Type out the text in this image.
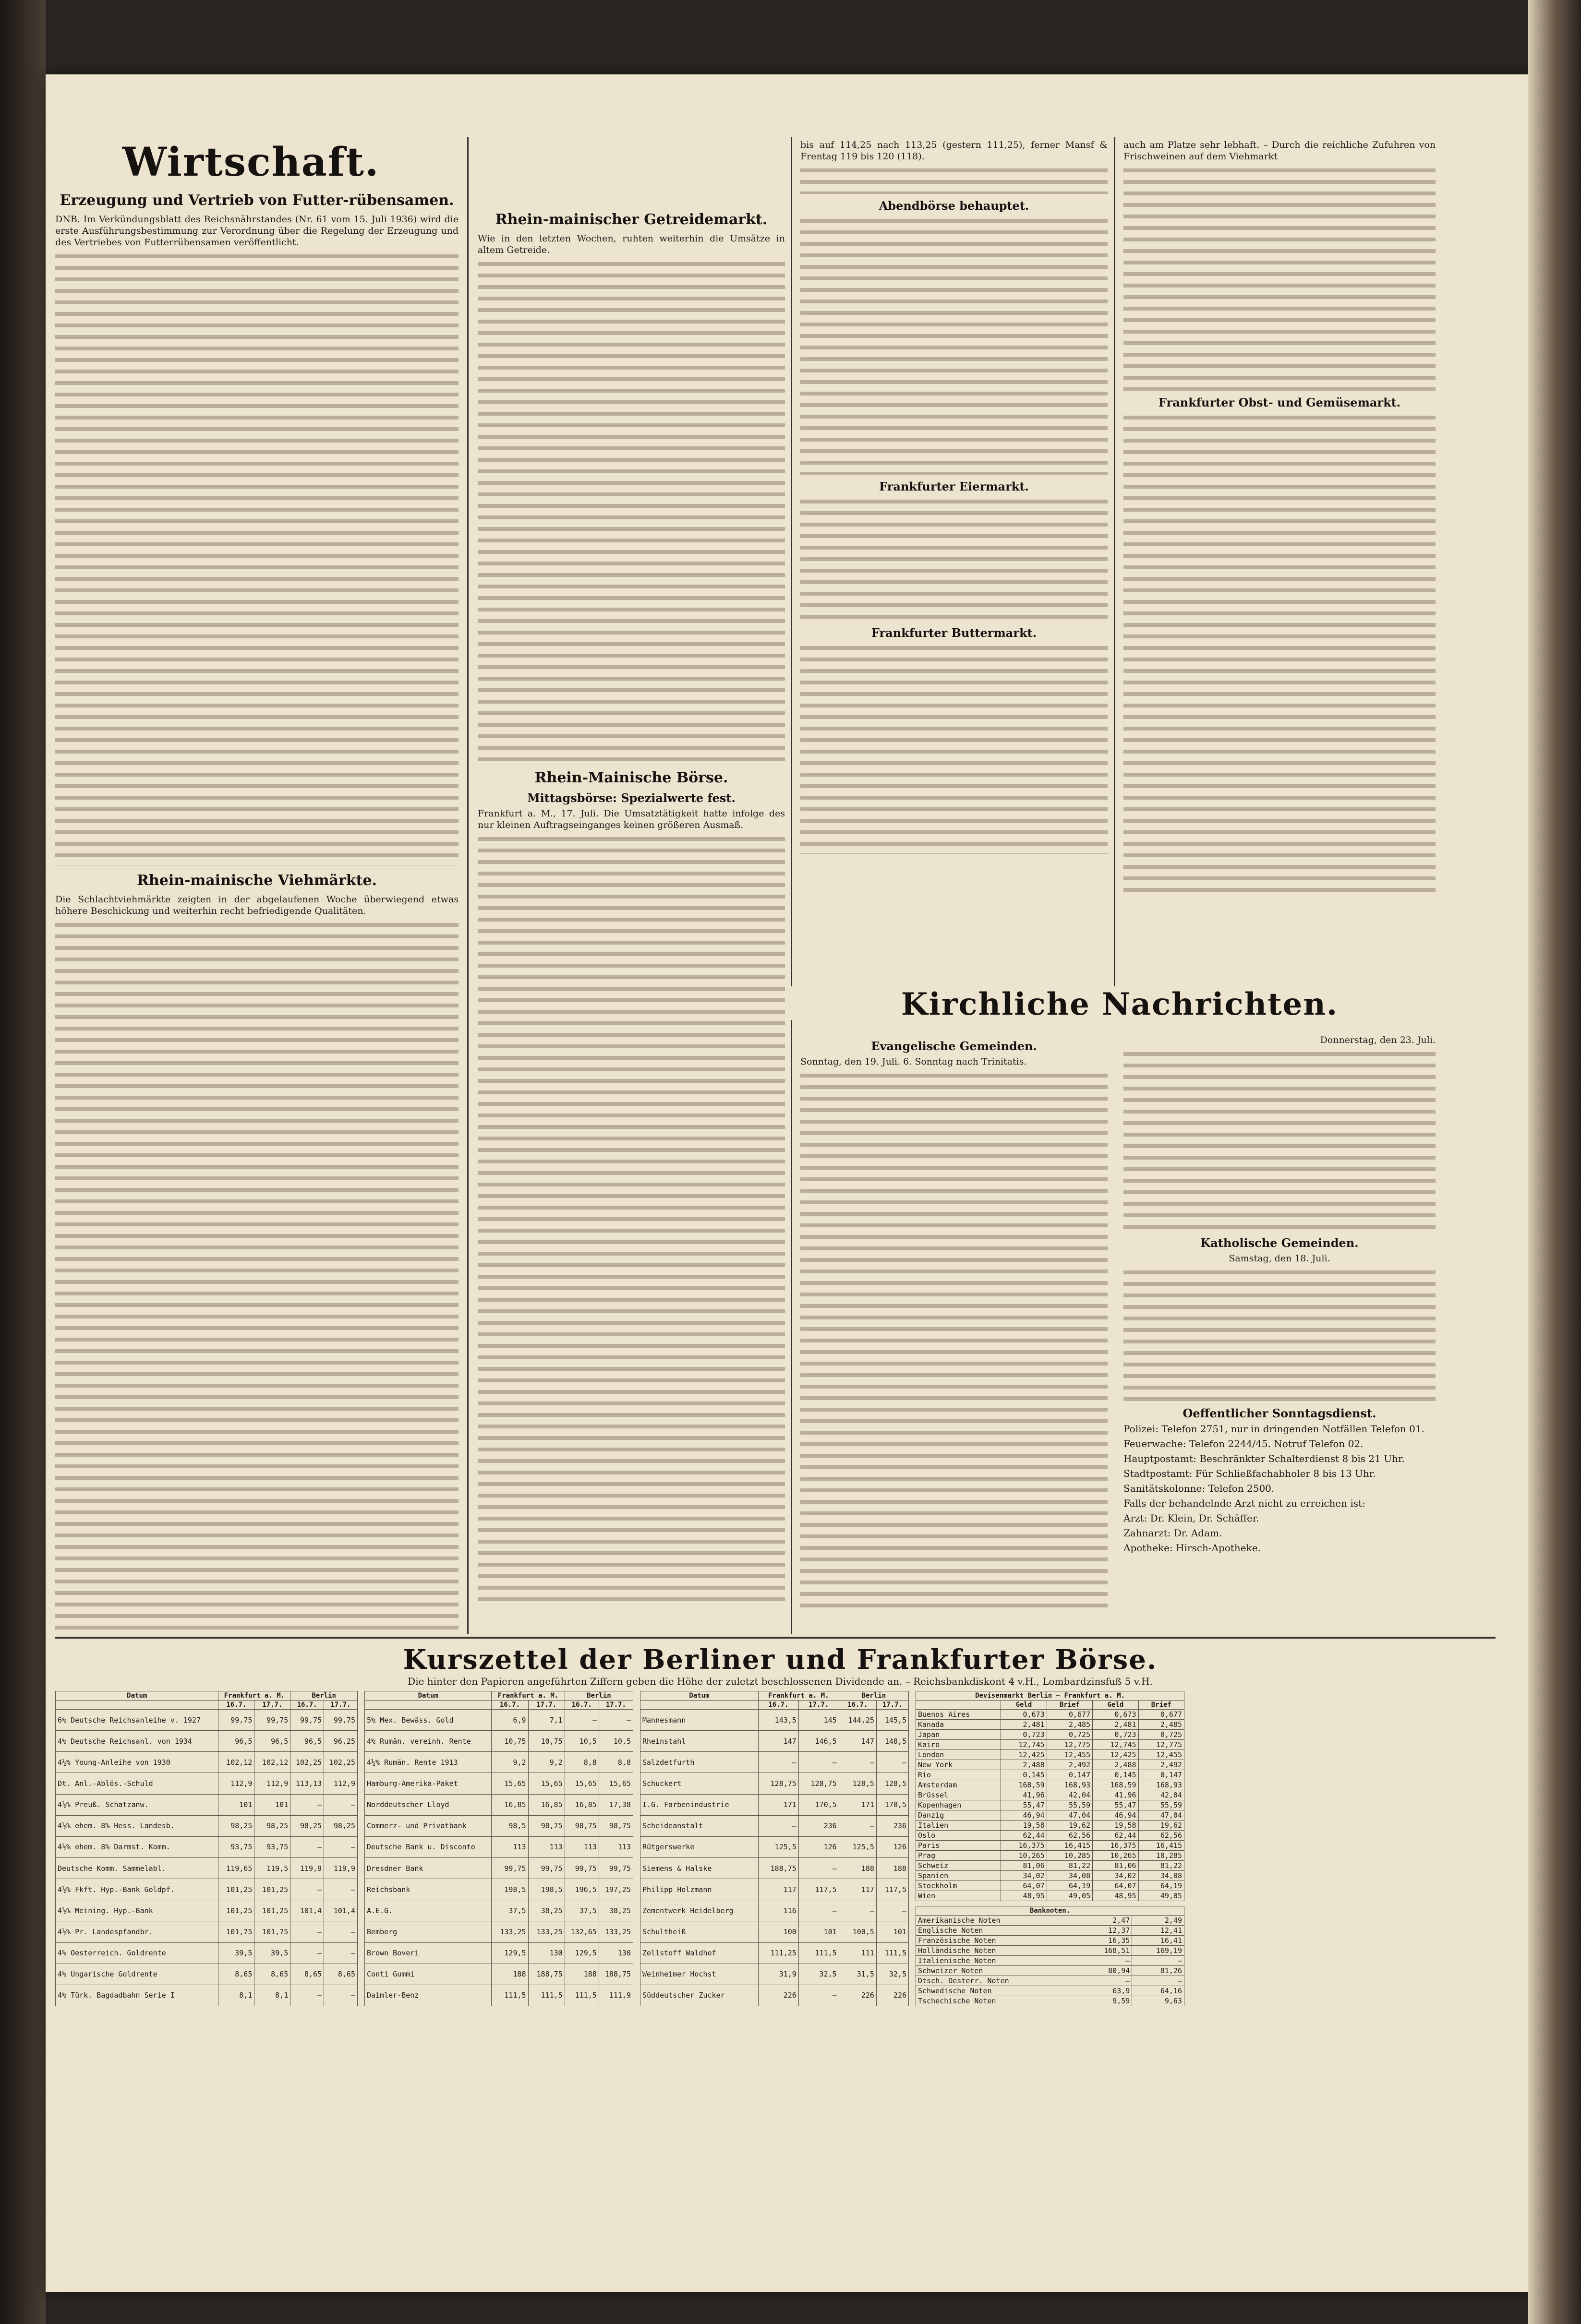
Wirtschaft.
Erzeugung und Vertrieb von Futter-rübensamen.

DNB. Im Verkündungsblatt des Reichsnährstandes (Nr. 61 vom 15. Juli 1936) wird die erste Ausführungsbestimmung zur Verordnung über die Regelung der Erzeugung und des Vertriebes von Futterrübensamen veröffentlicht.

Rhein-mainische Viehmärkte.

Die Schlachtviehmärkte zeigten in der abgelaufenen Woche überwiegend etwas höhere Beschickung und weiterhin recht befriedigende Qualitäten.

Rhein-mainischer Getreidemarkt.

Wie in den letzten Wochen, ruhten weiterhin die Umsätze in altem Getreide.

Rhein-Mainische Börse.
Mittagsbörse: Spezialwerte fest.

Frankfurt a. M., 17. Juli. Die Umsatztätigkeit hatte infolge des nur kleinen Auftragseinganges keinen größeren Ausmaß.

bis auf 114,25 nach 113,25 (gestern 111,25), ferner Mansf & Frentag 119 bis 120 (118).

Abendbörse behauptet.
Frankfurter Eiermarkt.
Frankfurter Buttermarkt.

auch am Platze sehr lebhaft. – Durch die reichliche Zufuhren von Frischweinen auf dem Viehmarkt

Frankfurter Obst- und Gemüsemarkt.
Kirchliche Nachrichten.
Evangelische Gemeinden.

Sonntag, den 19. Juli. 6. Sonntag nach Trinitatis.

Donnerstag, den 23. Juli.

Katholische Gemeinden.

Samstag, den 18. Juli.

Oeffentlicher Sonntagsdienst.

Polizei: Telefon 2751, nur in dringenden Notfällen Telefon 01.

Feuerwache: Telefon 2244/45. Notruf Telefon 02.

Hauptpostamt: Beschränkter Schalterdienst 8 bis 21 Uhr.

Stadtpostamt: Für Schließfachabholer 8 bis 13 Uhr.

Sanitätskolonne: Telefon 2500.

Falls der behandelnde Arzt nicht zu erreichen ist:

Arzt: Dr. Klein, Dr. Schäffer.

Zahnarzt: Dr. Adam.

Apotheke: Hirsch-Apotheke.

Kurszettel der Berliner und Frankfurter Börse.

Die hinter den Papieren angeführten Ziffern geben die Höhe der zuletzt beschlossenen Dividende an. – Reichsbankdiskont 4 v.H., Lombardzinsfuß 5 v.H.

Datum	Frankfurt a. M.		Berlin	
	16.7.	17.7.	16.7.	17.7.
6% Deutsche Reichsanleihe v. 1927	99,75	99,75	99,75	99,75
4% Deutsche Reichsanl. von 1934	96,5	96,5	96,5	96,25
4½% Young-Anleihe von 1930	102,12	102,12	102,25	102,25
Dt. Anl.-Ablös.-Schuld	112,9	112,9	113,13	112,9
4½% Preuß. Schatzanw.	101	101	—	—
4½% ehem. 8% Hess. Landesb.	98,25	98,25	98,25	98,25
4½% ehem. 8% Darmst. Komm.	93,75	93,75	—	—
Deutsche Komm. Sammelabl.	119,65	119,5	119,9	119,9
4½% Fkft. Hyp.-Bank Goldpf.	101,25	101,25	—	—
4½% Meining. Hyp.-Bank	101,25	101,25	101,4	101,4
4½% Pr. Landespfandbr.	101,75	101,75	—	—
4% Oesterreich. Goldrente	39,5	39,5	—	—
4% Ungarische Goldrente	8,65	8,65	8,65	8,65
4% Türk. Bagdadbahn Serie I	8,1	8,1	—	—
Datum	Frankfurt a. M.		Berlin	
	16.7.	17.7.	16.7.	17.7.
5% Mex. Bewäss. Gold	6,9	7,1	—	—
4% Rumän. vereinh. Rente	10,75	10,75	10,5	10,5
4½% Rumän. Rente 1913	9,2	9,2	8,8	8,8
Hamburg-Amerika-Paket	15,65	15,65	15,65	15,65
Norddeutscher Lloyd	16,85	16,85	16,85	17,38
Commerz- und Privatbank	98,5	98,75	98,75	98,75
Deutsche Bank u. Disconto	113	113	113	113
Dresdner Bank	99,75	99,75	99,75	99,75
Reichsbank	198,5	198,5	196,5	197,25
A.E.G.	37,5	38,25	37,5	38,25
Bemberg	133,25	133,25	132,65	133,25
Brown Boveri	129,5	130	129,5	130
Conti Gummi	188	188,75	188	188,75
Daimler-Benz	111,5	111,5	111,5	111,9
Datum	Frankfurt a. M.		Berlin	
	16.7.	17.7.	16.7.	17.7.
Mannesmann	143,5	145	144,25	145,5
Rheinstahl	147	146,5	147	148,5
Salzdetfurth	—	—	—	—
Schuckert	128,75	128,75	128,5	128,5
I.G. Farbenindustrie	171	170,5	171	170,5
Scheideanstalt	—	236	—	236
Rütgerswerke	125,5	126	125,5	126
Siemens & Halske	188,75	—	188	188
Philipp Holzmann	117	117,5	117	117,5
Zementwerk Heidelberg	116	—	—	—
Schultheiß	100	101	100,5	101
Zellstoff Waldhof	111,25	111,5	111	111,5
Weinheimer Hochst	31,9	32,5	31,5	32,5
Süddeutscher Zucker	226	—	226	226
Devisenmarkt Berlin – Frankfurt a. M.				
	Geld	Brief	Geld	Brief
Buenos Aires	0,673	0,677	0,673	0,677
Kanada	2,481	2,485	2,481	2,485
Japan	0,723	0,725	0,723	0,725
Kairo	12,745	12,775	12,745	12,775
London	12,425	12,455	12,425	12,455
New York	2,488	2,492	2,488	2,492
Rio	0,145	0,147	0,145	0,147
Amsterdam	168,59	168,93	168,59	168,93
Brüssel	41,96	42,04	41,96	42,04
Kopenhagen	55,47	55,59	55,47	55,59
Danzig	46,94	47,04	46,94	47,04
Italien	19,58	19,62	19,58	19,62
Oslo	62,44	62,56	62,44	62,56
Paris	16,375	16,415	16,375	16,415
Prag	10,265	10,285	10,265	10,285
Schweiz	81,06	81,22	81,06	81,22
Spanien	34,02	34,08	34,02	34,08
Stockholm	64,07	64,19	64,07	64,19
Wien	48,95	49,05	48,95	49,05
Banknoten.		
Amerikanische Noten	2,47	2,49
Englische Noten	12,37	12,41
Französische Noten	16,35	16,41
Holländische Noten	168,51	169,19
Italienische Noten	—	—
Schweizer Noten	80,94	81,26
Dtsch. Oesterr. Noten	—	—
Schwedische Noten	63,9	64,16
Tschechische Noten	9,59	9,63
